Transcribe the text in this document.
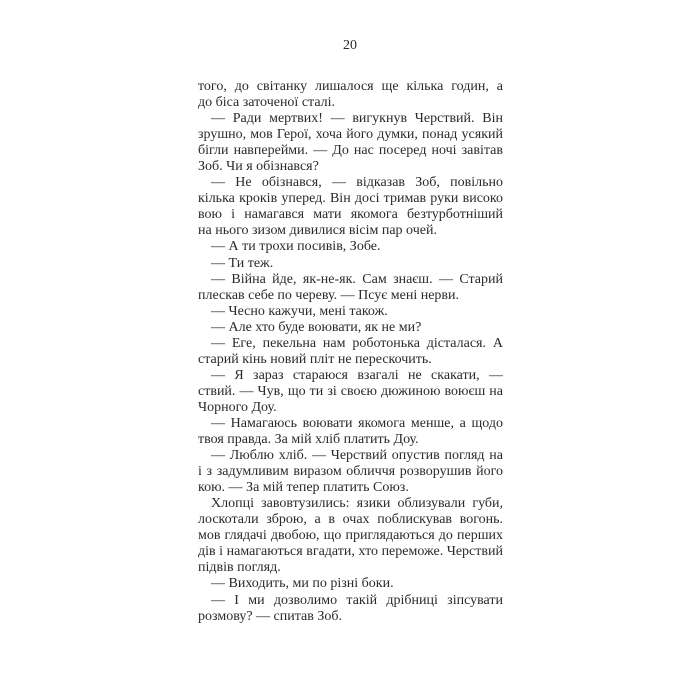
20
того, до світанку лишалося ще кілька годин, а
до біса заточеної сталі.
— Ради мертвих! — вигукнув Черствий. Він
зрушно, мов Герої, хоча його думки, понад усякий
бігли навперейми. — До нас посеред ночі завітав
Зоб. Чи я обізнався?
— Не обізнався, — відказав Зоб, повільно
кілька кроків уперед. Він досі тримав руки високо
вою і намагався мати якомога безтурботніший
на нього зизом дивилися вісім пар очей.
— А ти трохи посивів, Зобе.
— Ти теж.
— Війна йде, як-не-як. Сам знаєш. — Старий
плескав себе по череву. — Псує мені нерви.
— Чесно кажучи, мені також.
— Але хто буде воювати, як не ми?
— Еге, пекельна нам роботонька дісталася. А
старий кінь новий пліт не перескочить.
— Я зараз стараюся взагалі не скакати, —
ствий. — Чув, що ти зі своєю дюжиною воюєш на
Чорного Доу.
— Намагаюсь воювати якомога менше, а щодо
твоя правда. За мій хліб платить Доу.
— Люблю хліб. — Черствий опустив погляд на
і з задумливим виразом обличчя розворушив його
кою. — За мій тепер платить Союз.
Хлопці завовтузились: язики облизували губи,
лоскотали зброю, а в очах поблискував вогонь.
мов глядачі двобою, що приглядаються до перших
дів і намагаються вгадати, хто переможе. Черствий
підвів погляд.
— Виходить, ми по різні боки.
— І ми дозволимо такій дрібниці зіпсувати
розмову? — спитав Зоб.
